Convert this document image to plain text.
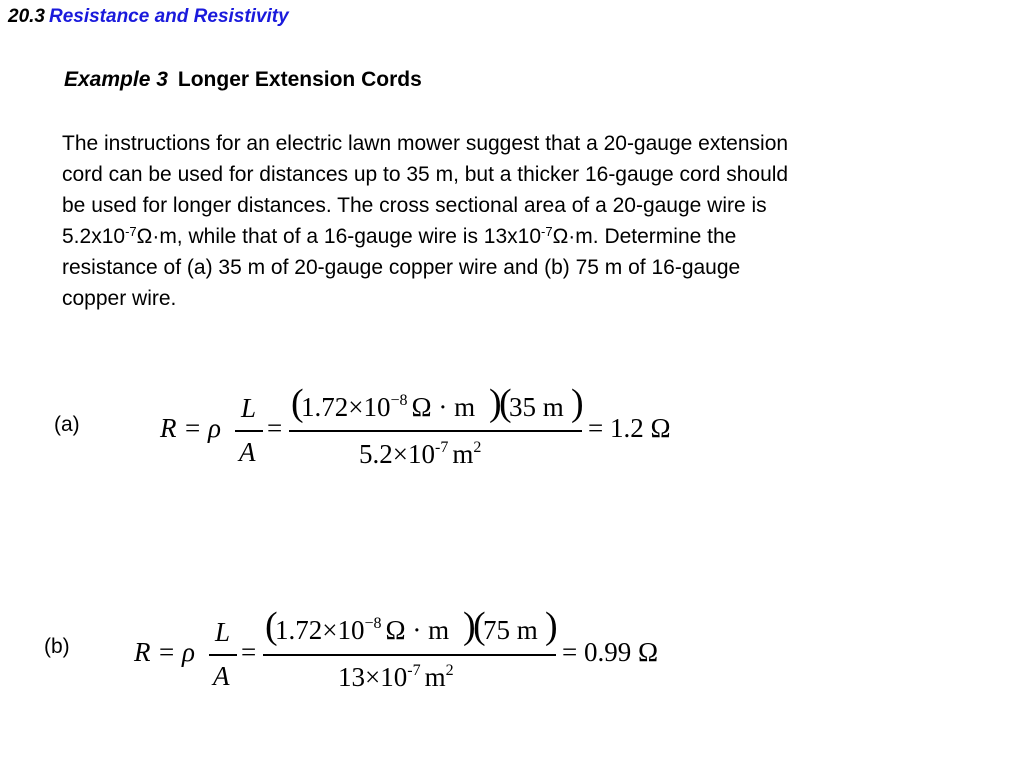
20.3 Resistance and Resistivity
Example 3 Longer Extension Cords
The instructions for an electric lawn mower suggest that a 20-gauge extension
cord can be used for distances up to 35 m, but a thicker 16-gauge cord should
be used for longer distances. The cross sectional area of a 20-gauge wire is
$5.2x10^{-7}\Omega\cdot m$, while that of a 16-gauge wire is $13x10^{-7}\Omega\cdot m$. Determine the
resistance of (a) 35 m of 20-gauge copper wire and (b) 75 m of 16-gauge
copper wire.
(a)	R = ρ
L
A
=
(
$1.72\times 10^{-8}$ Ω · m )
(
35 m )
$5.2\times 10^{-7}$ $m^2$
= 1.2 Ω
(b) R = ρ
L
A
=
(
$1.72\times 10^{-8}$ Ω · m )
(
75 m )
$13\times 10^{-7}$ $m^2$
= 0.99 Ω
